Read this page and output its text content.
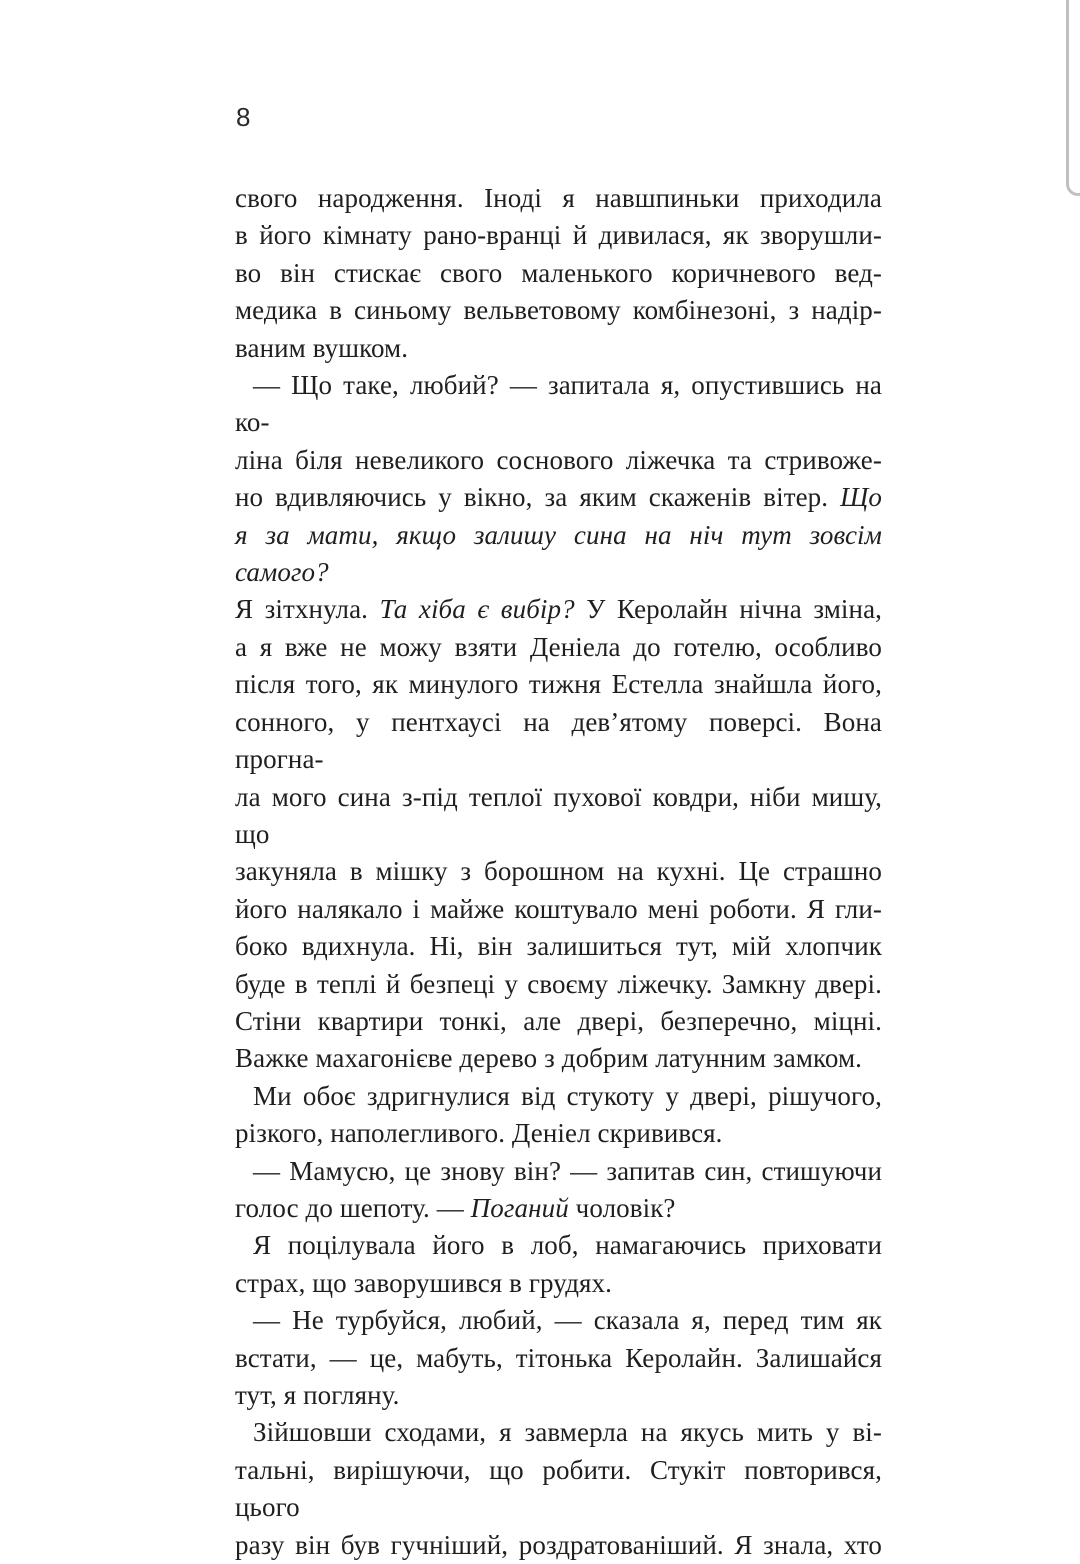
8
свого народження. Іноді я навшпиньки приходила
в його кімнату рано-вранці й дивилася, як зворушли-
во він стискає свого маленького коричневого вед-
медика в синьому вельветовому комбінезоні, з надір-
ваним вушком.
— Що таке, любий? — запитала я, опустившись на ко-
ліна біля невеликого соснового ліжечка та стривоже-
но вдивляючись у вікно, за яким скаженів вітер. Що
я за мати, якщо залишу сина на ніч тут зовсім самого?
Я зітхнула. Та хіба є вибір? У Керолайн нічна зміна,
а я вже не можу взяти Деніела до готелю, особливо
після того, як минулого тижня Естелла знайшла його,
сонного, у пентхаусі на дев’ятому поверсі. Вона прогна-
ла мого сина з-під теплої пухової ковдри, ніби мишу, що
закуняла в мішку з борошном на кухні. Це страшно
його налякало і майже коштувало мені роботи. Я гли-
боко вдихнула. Ні, він залишиться тут, мій хлопчик
буде в теплі й безпеці у своєму ліжечку. Замкну двері.
Стіни квартири тонкі, але двері, безперечно, міцні.
Важке махагонієве дерево з добрим латунним замком.
Ми обоє здригнулися від стукоту у двері, рішучого,
різкого, наполегливого. Деніел скривився.
— Мамусю, це знову він? — запитав син, стишуючи
голос до шепоту. — Поганий чоловік?
Я поцілувала його в лоб, намагаючись приховати
страх, що заворушився в грудях.
— Не турбуйся, любий, — сказала я, перед тим як
встати, — це, мабуть, тітонька Керолайн. Залишайся
тут, я погляну.
Зійшовши сходами, я завмерла на якусь мить у ві-
тальні, вирішуючи, що робити. Стукіт повторився, цього
разу він був гучніший, роздратованіший. Я знала, хто
